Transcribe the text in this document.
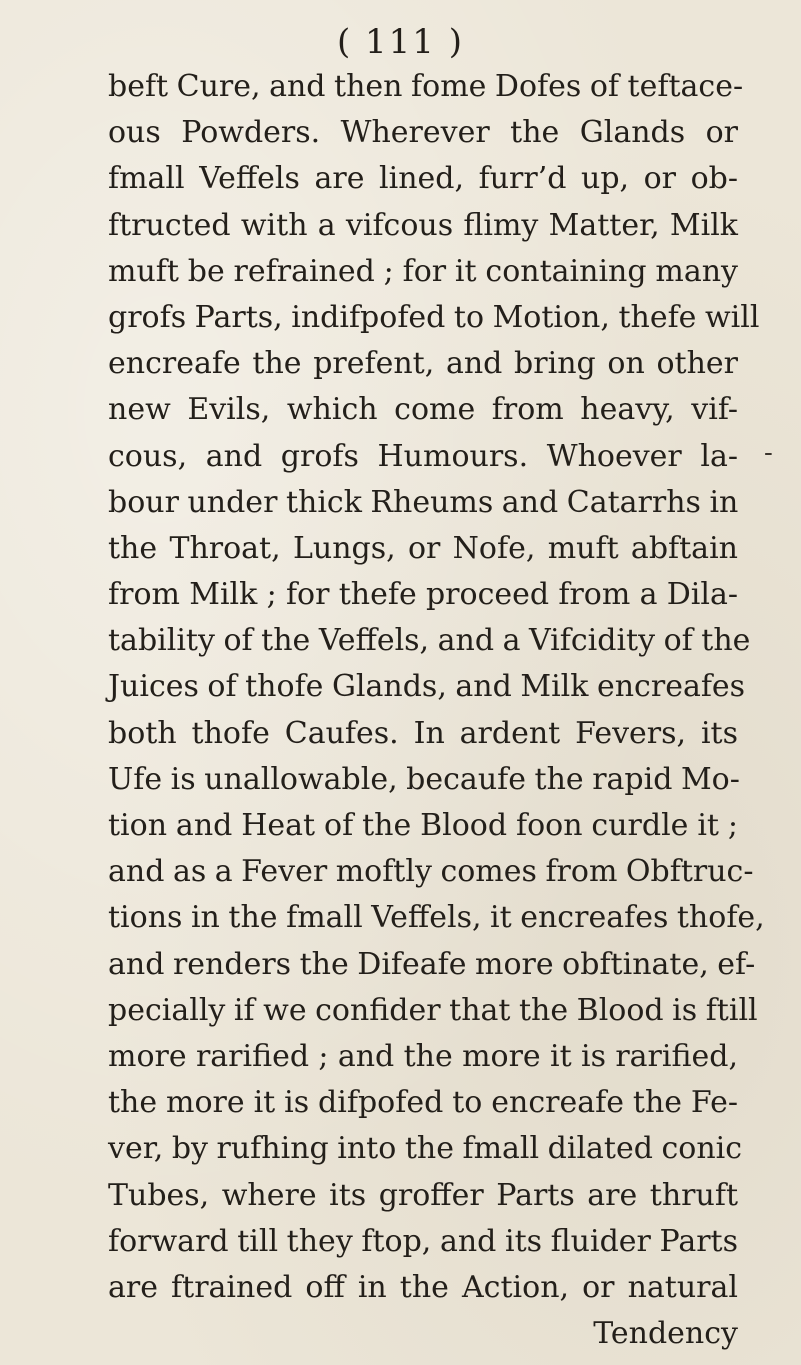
( 111 )
beft Cure, and then fome Dofes of teftace-
ous Powders. Wherever the Glands or
fmall Veffels are lined, furr’d up, or ob-
ftructed with a vifcous flimy Matter, Milk
muft be refrained ; for it containing many
grofs Parts, indifpofed to Motion, thefe will
encreafe the prefent, and bring on other
new Evils, which come from heavy, vif-
cous, and grofs Humours. Whoever la-
bour under thick Rheums and Catarrhs in
the Throat, Lungs, or Nofe, muft abftain
from Milk ; for thefe proceed from a Dila-
tability of the Veffels, and a Vifcidity of the
Juices of thofe Glands, and Milk encreafes
both thofe Caufes. In ardent Fevers, its
Ufe is unallowable, becaufe the rapid Mo-
tion and Heat of the Blood foon curdle it ;
and as a Fever moftly comes from Obftruc-
tions in the fmall Veffels, it encreafes thofe,
and renders the Difeafe more obftinate, ef-
pecially if we confider that the Blood is ftill
more rarified ; and the more it is rarified,
the more it is difpofed to encreafe the Fe-
ver, by rufhing into the fmall dilated conic
Tubes, where its groffer Parts are thruft
forward till they ftop, and its fluider Parts
are ftrained off in the Action, or natural
Tendency
-
